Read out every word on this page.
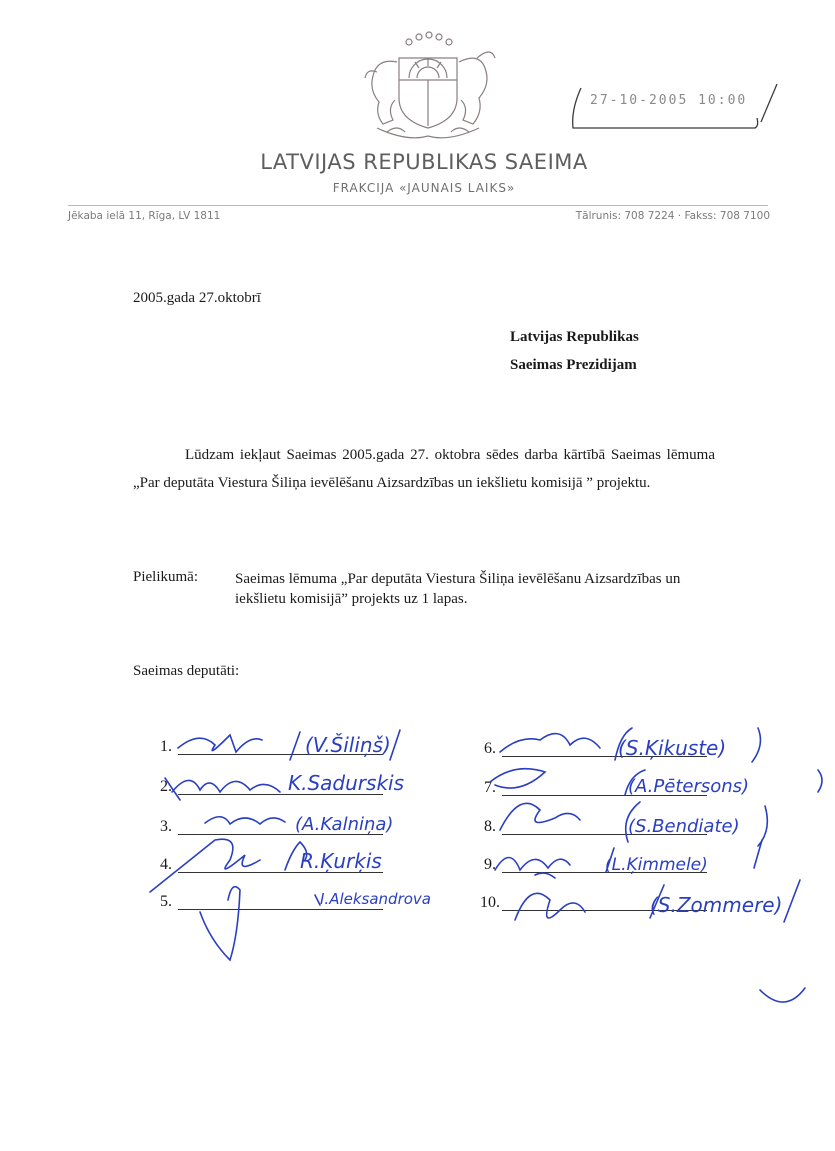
LATVIJAS REPUBLIKAS SAEIMA
FRAKCIJA «JAUNAIS LAIKS»
Jēkaba ielā 11, Rīga, LV 1811	Tālrunis: 708 7224 · Fakss: 708 7100
27-10-2005 10:00
2005.gada 27.oktobrī
Latvijas Republikas
Saeimas Prezidijam
Lūdzam iekļaut Saeimas 2005.gada 27. oktobra sēdes darba kārtībā Saeimas lēmuma „Par deputāta Viestura Šiliņa ievēlēšanu Aizsardzības un iekšlietu komisijā ” projektu.
Pielikumā: Saeimas lēmuma „Par deputāta Viestura Šiliņa ievēlēšanu Aizsardzības un iekšlietu komisijā” projekts uz 1 lapas.
Saeimas deputāti:
1.
2.
3.
4.
5.
6.
7.
8.
9.
10.
(V.Šiliņš)
K.Sadurskis
(A.Kalniņa)
R.Ķurķis
I.Aleksandrova
(S.Ķikuste)
(A.Pētersons)
(S.Bendiate)
(L.Ķimmele)
(S.Zommere)
